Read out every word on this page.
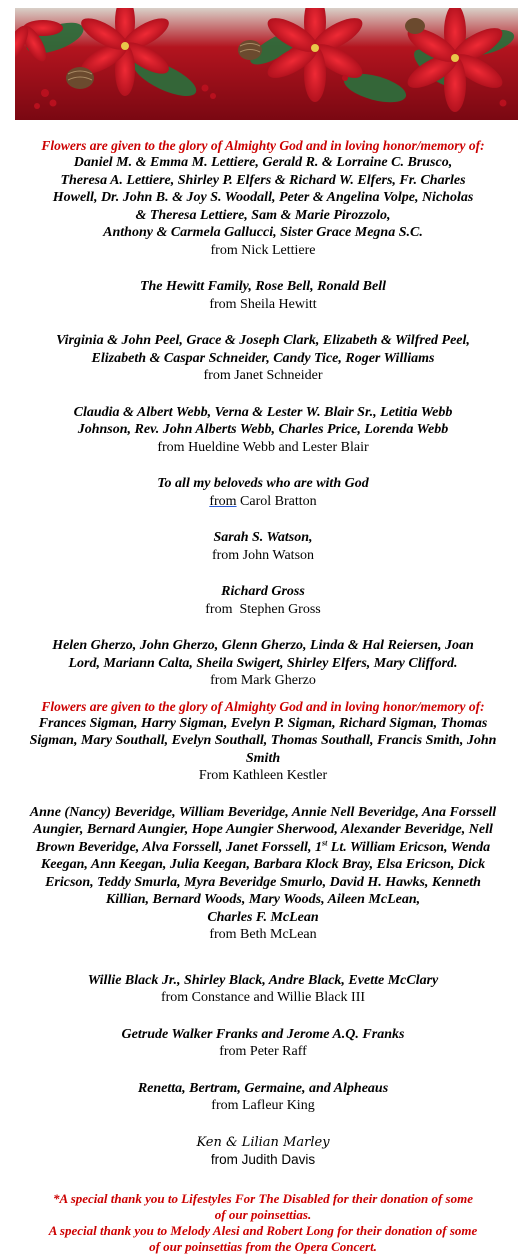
Flowers are given to the glory of Almighty God and in loving honor/memory of:
Daniel M. & Emma M. Lettiere, Gerald R. & Lorraine C. Brusco,
Theresa A. Lettiere, Shirley P. Elfers & Richard W. Elfers, Fr. Charles
Howell, Dr. John B. & Joy S. Woodall, Peter & Angelina Volpe, Nicholas
& Theresa Lettiere, Sam & Marie Pirozzolo,
Anthony & Carmela Gallucci, Sister Grace Megna S.C.
from Nick Lettiere
The Hewitt Family, Rose Bell, Ronald Bell
from Sheila Hewitt
Virginia & John Peel, Grace & Joseph Clark, Elizabeth & Wilfred Peel,
Elizabeth & Caspar Schneider, Candy Tice, Roger Williams
from Janet Schneider
Claudia & Albert Webb, Verna & Lester W. Blair Sr., Letitia Webb
Johnson, Rev. John Alberts Webb, Charles Price, Lorenda Webb
from Hueldine Webb and Lester Blair
To all my beloveds who are with God
from Carol Bratton
Sarah S. Watson,
from John Watson
Richard Gross
from  Stephen Gross
Helen Gherzo, John Gherzo, Glenn Gherzo, Linda & Hal Reiersen, Joan
Lord, Mariann Calta, Sheila Swigert, Shirley Elfers, Mary Clifford.
from Mark Gherzo
Flowers are given to the glory of Almighty God and in loving honor/memory of:
Frances Sigman, Harry Sigman, Evelyn P. Sigman, Richard Sigman, Thomas
Sigman, Mary Southall, Evelyn Southall, Thomas Southall, Francis Smith, John
Smith
From Kathleen Kestler
Anne (Nancy) Beveridge, William Beveridge, Annie Nell Beveridge, Ana Forssell
Aungier, Bernard Aungier, Hope Aungier Sherwood, Alexander Beveridge, Nell
Brown Beveridge, Alva Forssell, Janet Forssell, 1st Lt. William Ericson, Wenda
Keegan, Ann Keegan, Julia Keegan, Barbara Klock Bray, Elsa Ericson, Dick
Ericson, Teddy Smurla, Myra Beveridge Smurlo, David H. Hawks, Kenneth
Killian, Bernard Woods, Mary Woods, Aileen McLean,
Charles F. McLean
from Beth McLean
Willie Black Jr., Shirley Black, Andre Black, Evette McClary
from Constance and Willie Black III
Getrude Walker Franks and Jerome A.Q. Franks
from Peter Raff
Renetta, Bertram, Germaine, and Alpheaus
from Lafleur King
Ken & Lilian Marley
from Judith Davis
*A special thank you to Lifestyles For The Disabled for their donation of some
of our poinsettias.
A special thank you to Melody Alesi and Robert Long for their donation of some
of our poinsettias from the Opera Concert.
